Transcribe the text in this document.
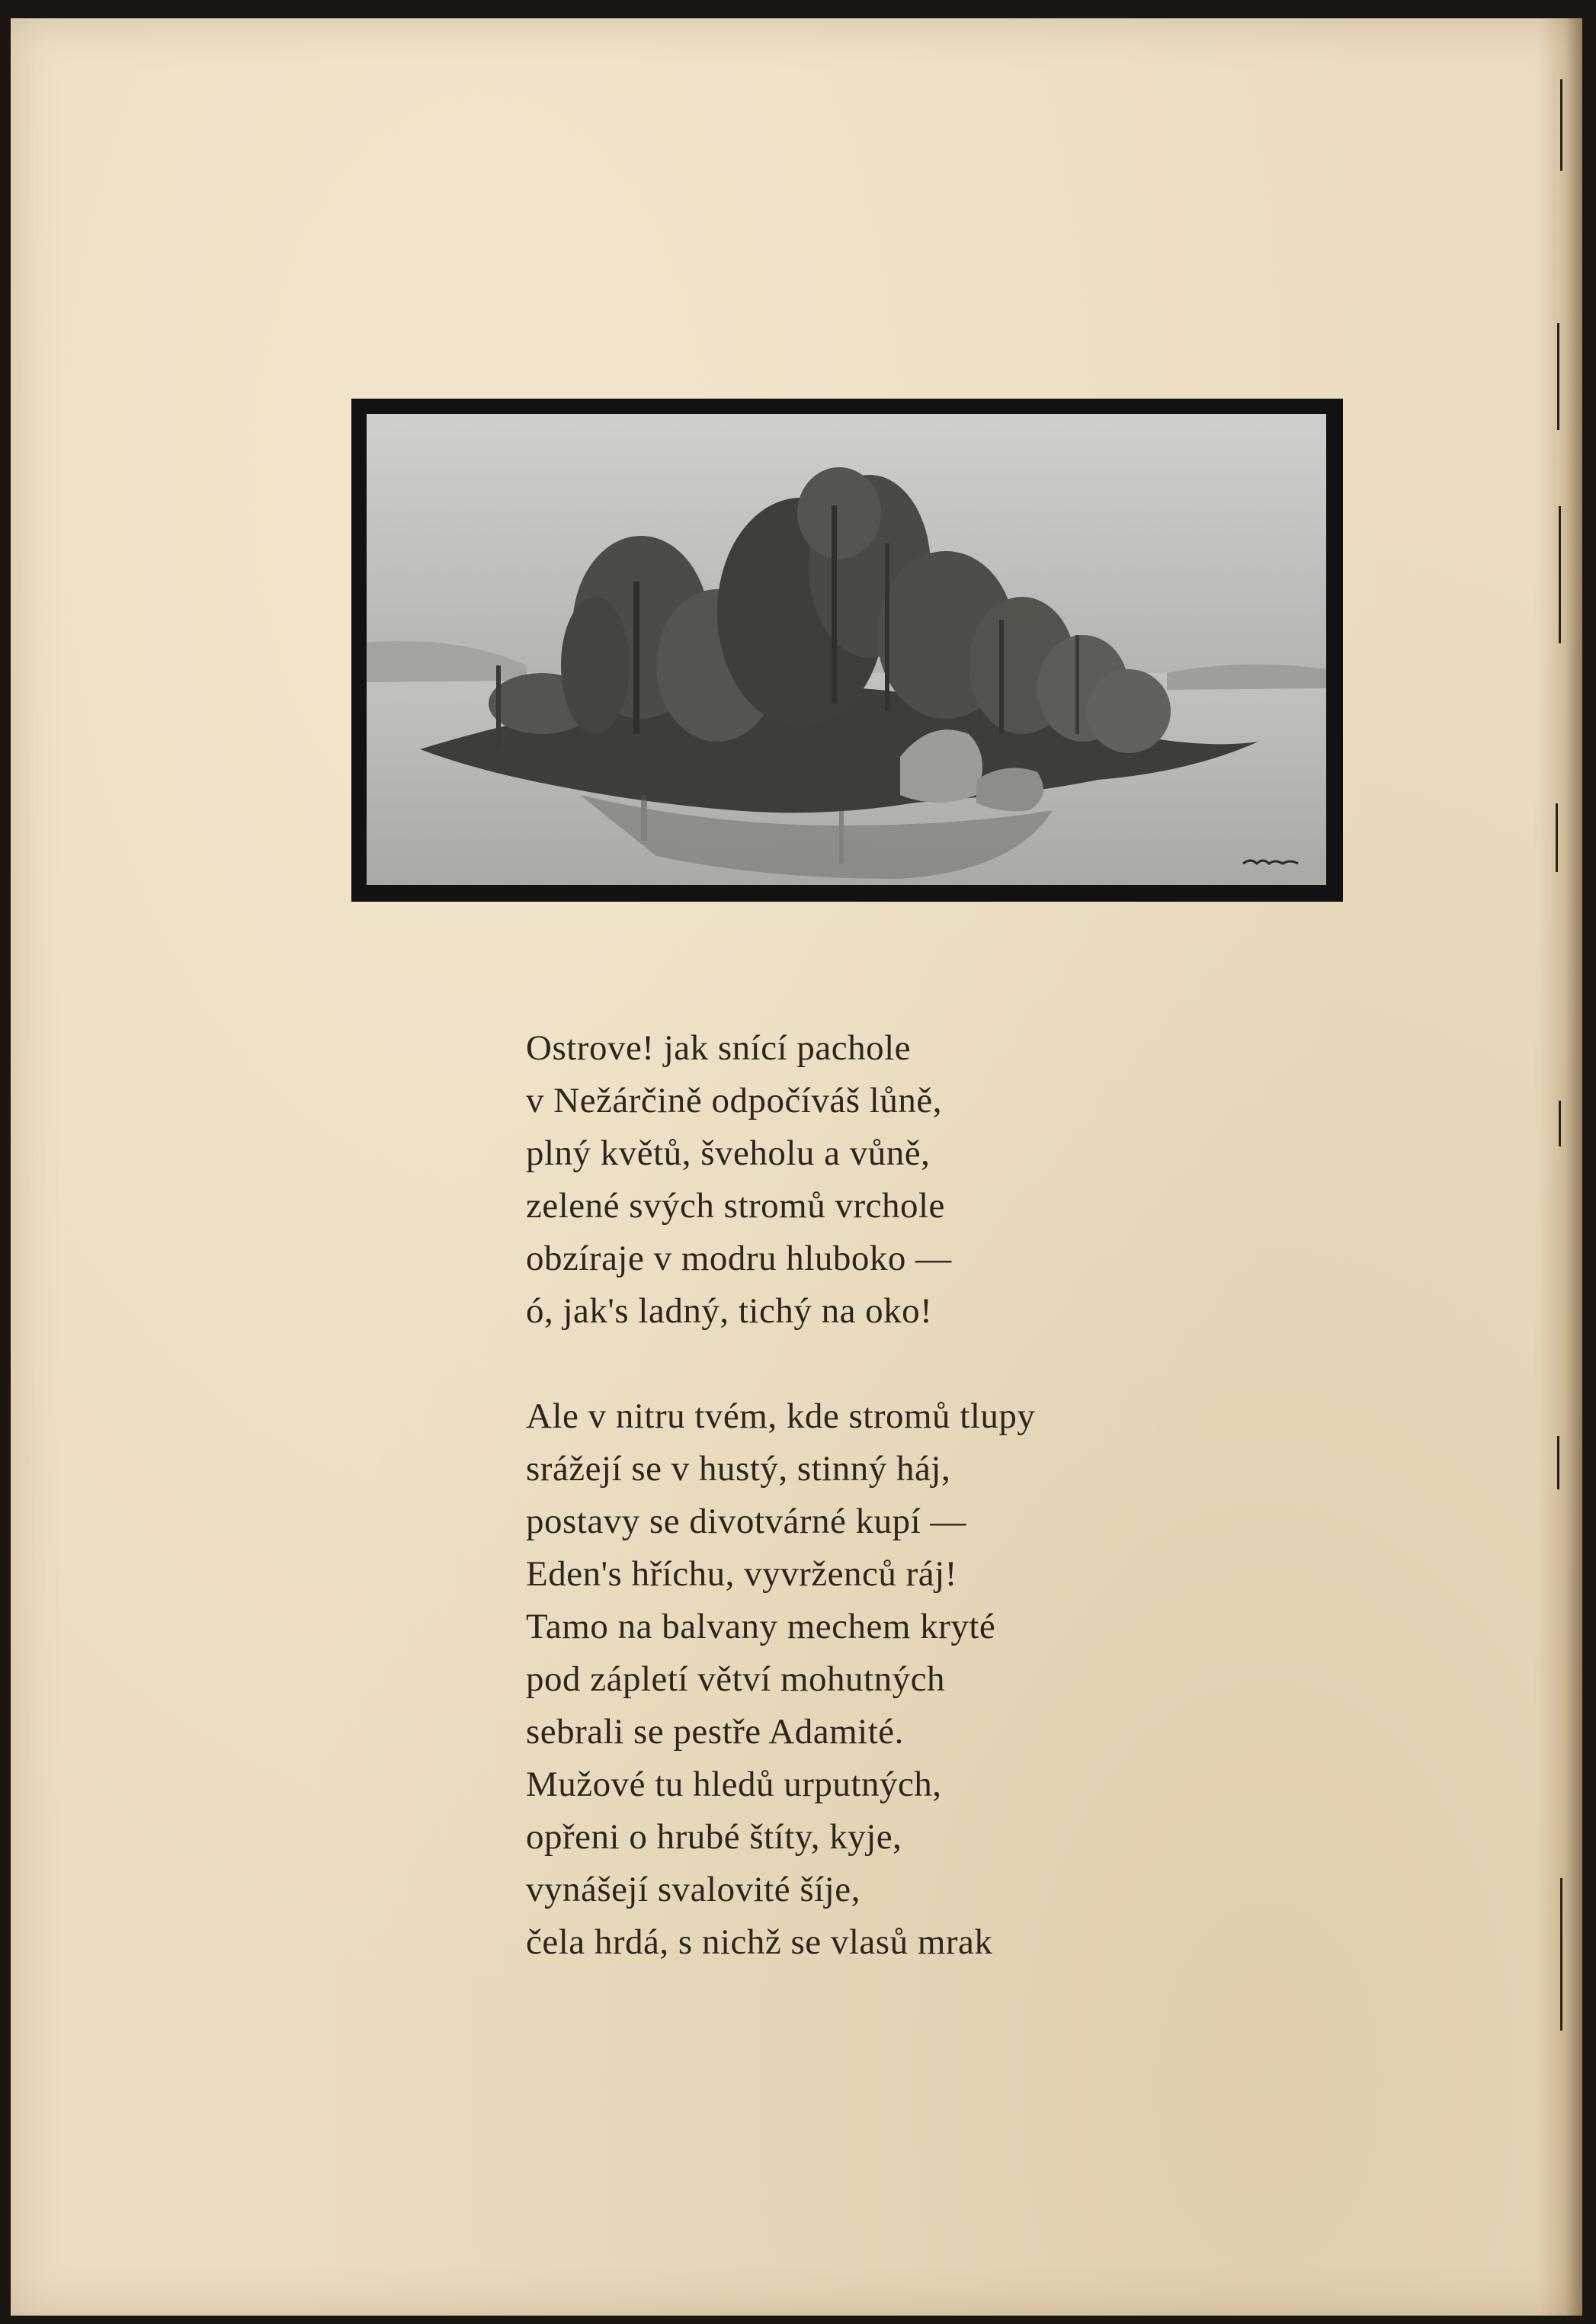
Ostrove! jak snící pachole
v Nežárčině odpočíváš lůně,
plný květů, šveholu a vůně,
zelené svých stromů vrchole
obzíraje v modru hluboko —
ó, jak's ladný, tichý na oko!

Ale v nitru tvém, kde stromů tlupy
srážejí se v hustý, stinný háj,
postavy se divotvárné kupí —
Eden's hříchu, vyvrženců ráj!
Tamo na balvany mechem kryté
pod zápletí větví mohutných
sebrali se pestře Adamité.
Mužové tu hledů urputných,
opřeni o hrubé štíty, kyje,
vynášejí svalovité šíje,
čela hrdá, s nichž se vlasů mrak
